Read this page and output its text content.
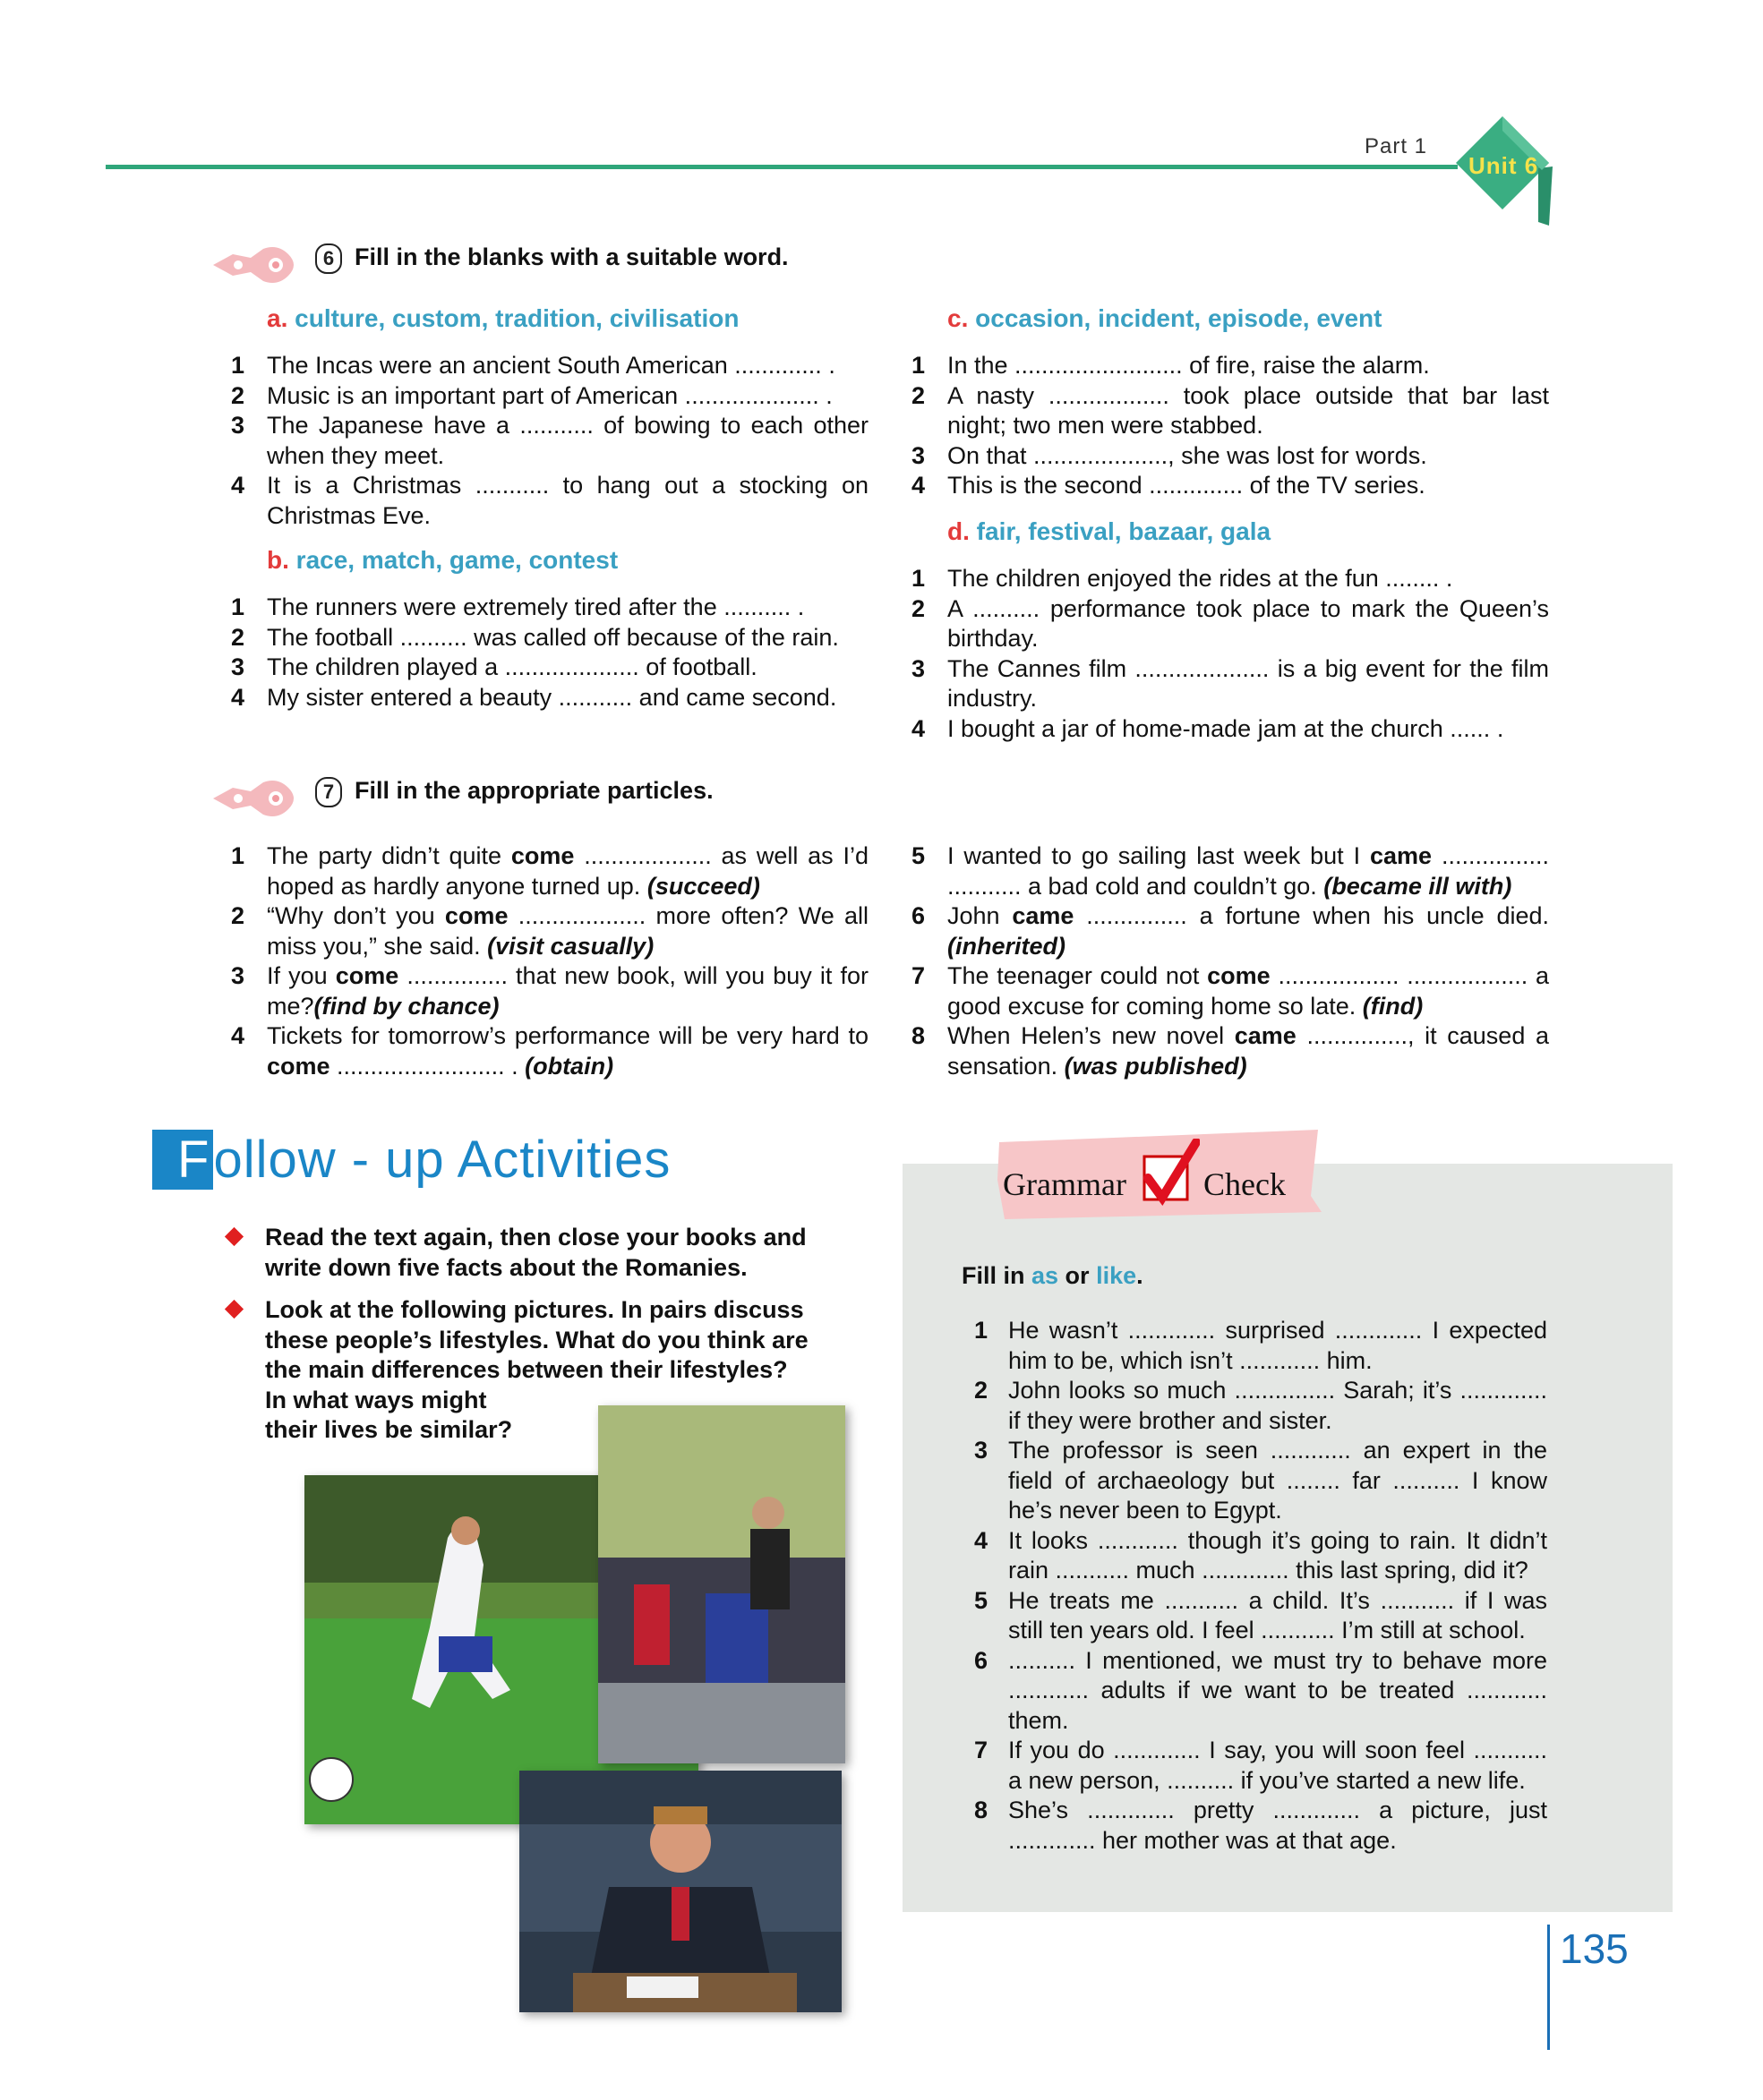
Part 1
Unit 6
6 Fill in the blanks with a suitable word.
a. culture, custom, tradition, civilisation
1 The Incas were an ancient South American ............. .
2 Music is an important part of American .................... .
3 The Japanese have a ........... of bowing to each other when they meet.
4 It is a Christmas ........... to hang out a stocking on Christmas Eve.
b. race, match, game, contest
1 The runners were extremely tired after the .......... .
2 The football .......... was called off because of the rain.
3 The children played a .................... of football.
4 My sister entered a beauty ........... and came second.
c. occasion, incident, episode, event
1 In the ......................... of fire, raise the alarm.
2 A nasty .................. took place outside that bar last night; two men were stabbed.
3 On that ...................., she was lost for words.
4 This is the second .............. of the TV series.
d. fair, festival, bazaar, gala
1 The children enjoyed the rides at the fun ........ .
2 A .......... performance took place to mark the Queen’s birthday.
3 The Cannes film .................... is a big event for the film industry.
4 I bought a jar of home-made jam at the church ...... .
7 Fill in the appropriate particles.
1 The party didn’t quite come ................... as well as I’d hoped as hardly anyone turned up. (succeed)
2 “Why don’t you come ................... more often? We all miss you,” she said. (visit casually)
3 If you come ............... that new book, will you buy it for me?(find by chance)
4 Tickets for tomorrow’s performance will be very hard to come ......................... . (obtain)
5 I wanted to go sailing last week but I came ................ ........... a bad cold and couldn’t go. (became ill with)
6 John came ............... a fortune when his uncle died. (inherited)
7 The teenager could not come .................. .................. a good excuse for coming home so late. (find)
8 When Helen’s new novel came ..............., it caused a sensation. (was published)
Follow - up Activities
Read the text again, then close your books and write down five facts about the Romanies.
Look at the following pictures. In pairs discuss these people’s lifestyles. What do you think are the main differences between their lifestyles?
In what ways might
their lives be similar?
Grammar Check
Fill in as or like.
1 He wasn’t ............. surprised ............. I expected him to be, which isn’t ............ him.
2 John looks so much ............... Sarah; it’s ............. if they were brother and sister.
3 The professor is seen ............ an expert in the field of archaeology but ........ far .......... I know he’s never been to Egypt.
4 It looks ............ though it’s going to rain. It didn’t rain ........... much ............. this last spring, did it?
5 He treats me ........... a child. It’s ........... if I was still ten years old. I feel ........... I’m still at school.
6 .......... I mentioned, we must try to behave more ............ adults if we want to be treated ............ them.
7 If you do ............. I say, you will soon feel ........... a new person, .......... if you’ve started a new life.
8 She’s ............. pretty ............. a picture, just ............. her mother was at that age.
135
